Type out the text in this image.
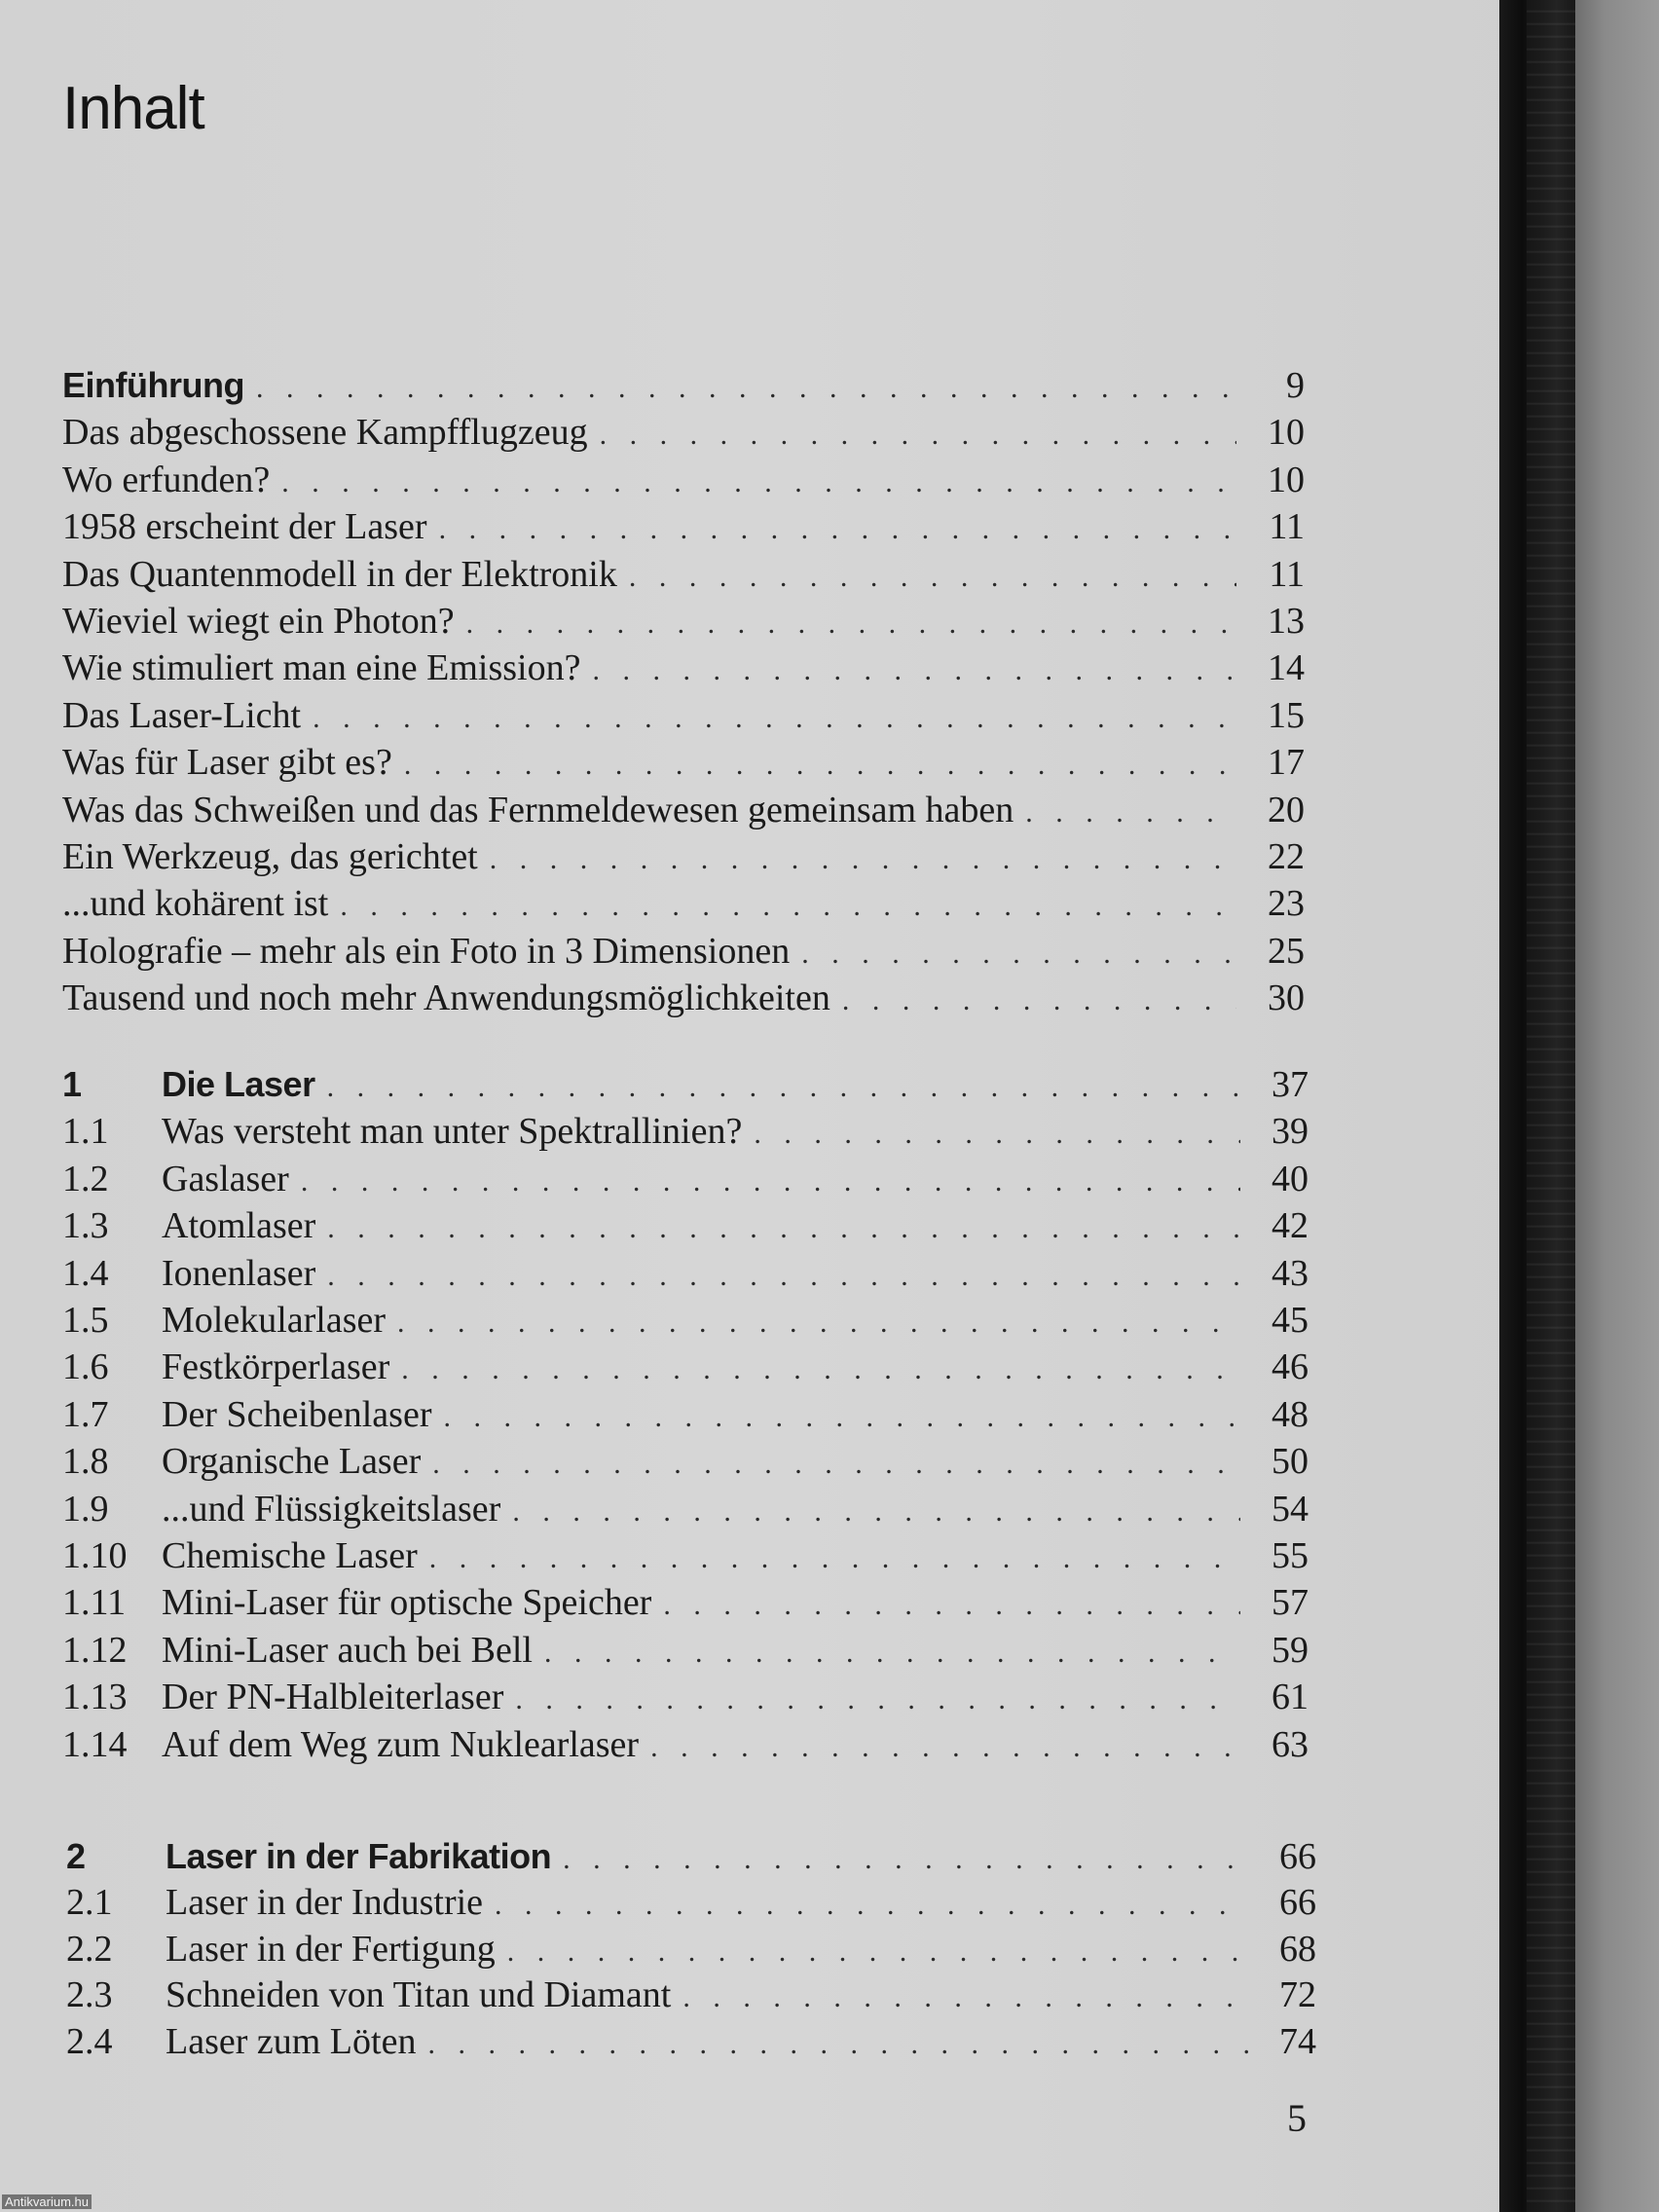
Inhalt
Einführung . . .	9
Das abgeschossene Kampfflugzeug . . .	10
Wo erfunden? . . .	10
1958 erscheint der Laser . . .	11
Das Quantenmodell in der Elektronik . . .	11
Wieviel wiegt ein Photon? . . .	13
Wie stimuliert man eine Emission? . . .	14
Das Laser-Licht . . .	15
Was für Laser gibt es? . . .	17
Was das Schweißen und das Fernmeldewesen gemeinsam haben . . .	20
Ein Werkzeug, das gerichtet . . .	22
...und kohärent ist . . .	23
Holografie – mehr als ein Foto in 3 Dimensionen . . .	25
Tausend und noch mehr Anwendungsmöglichkeiten . . .	30
1	Die Laser . . .	37
1.1	Was versteht man unter Spektrallinien? . . .	39
1.2	Gaslaser . . .	40
1.3	Atomlaser . . .	42
1.4	Ionenlaser . . .	43
1.5	Molekularlaser . . .	45
1.6	Festkörperlaser . . .	46
1.7	Der Scheibenlaser . . .	48
1.8	Organische Laser . . .	50
1.9	...und Flüssigkeitslaser . . .	54
1.10 Chemische Laser . . .	55
1.11 Mini-Laser für optische Speicher . . .	57
1.12 Mini-Laser auch bei Bell . . .	59
1.13 Der PN-Halbleiterlaser . . .	61
1.14 Auf dem Weg zum Nuklearlaser . . .	63
2	Laser in der Fabrikation . . .	66
2.1	Laser in der Industrie . . .	66
2.2	Laser in der Fertigung . . .	68
2.3	Schneiden von Titan und Diamant . . .	72
2.4	Laser zum Löten . . .	74
5
Antikvarium.hu
